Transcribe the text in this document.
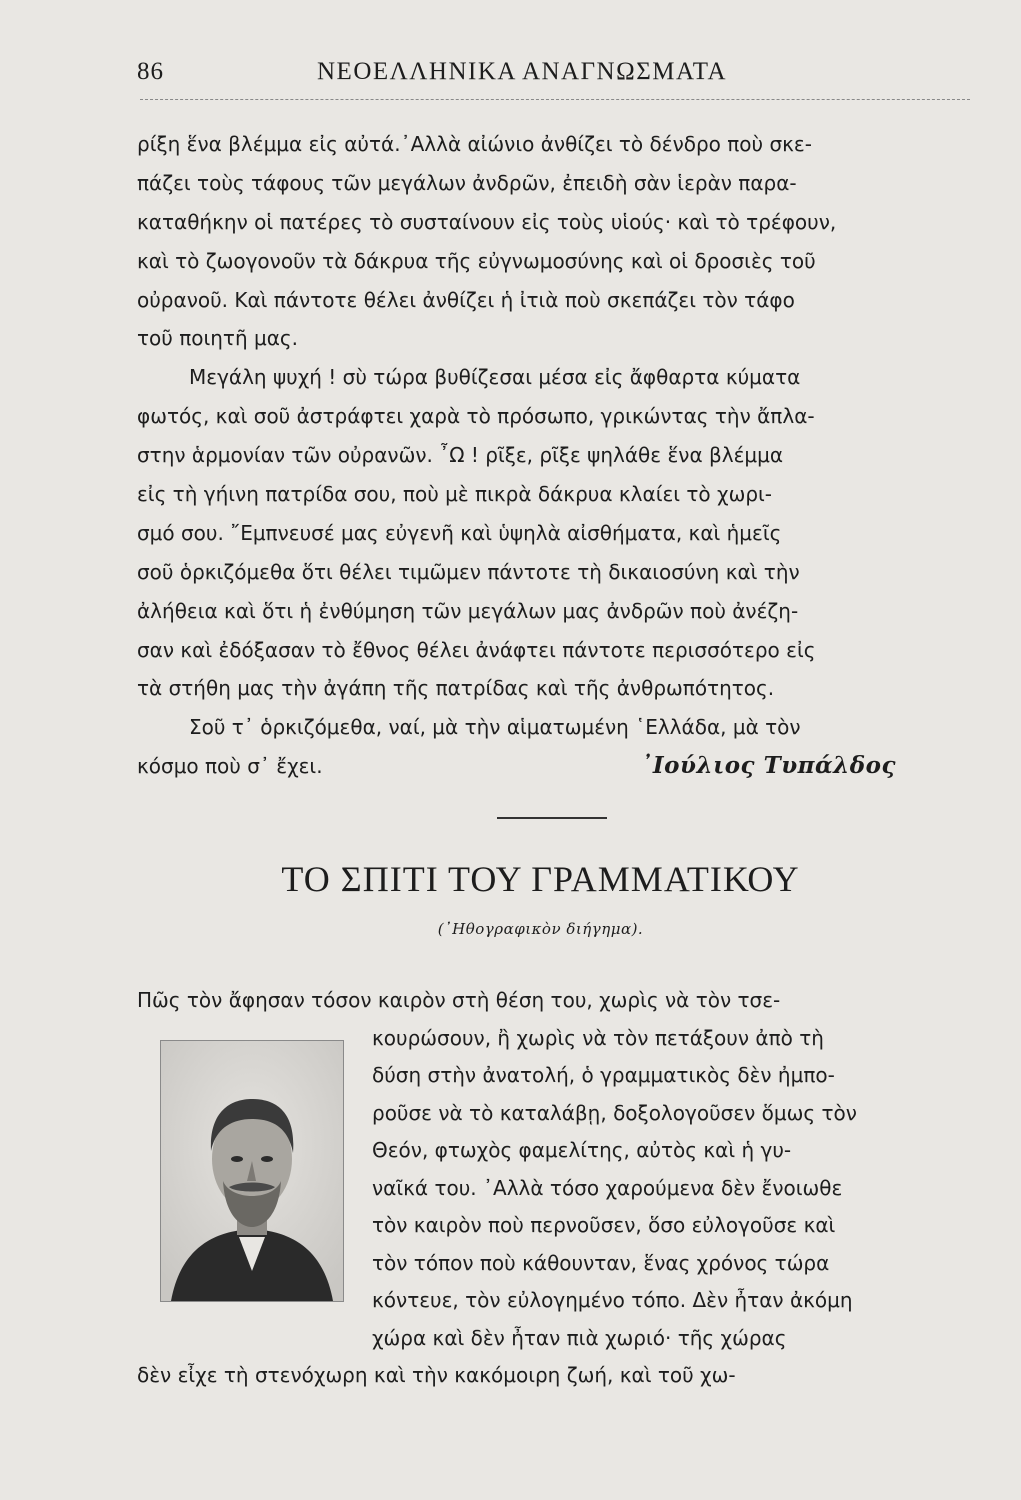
86	ΝΕΟΕΛΛΗΝΙΚΑ ΑΝΑΓΝΩΣΜΑΤΑ
ρίξη ἕνα βλέμμα εἰς αὐτά.᾿Αλλὰ αἰώνιο ἀνθίζει τὸ δένδρο ποὺ σκε-
πάζει τοὺς τάφους τῶν μεγάλων ἀνδρῶν, ἐπειδὴ σὰν ἱερὰν παρα-
καταθήκην οἱ πατέρες τὸ συσταίνουν εἰς τοὺς υἱούς· καὶ τὸ τρέφουν,
καὶ τὸ ζωογονοῦν τὰ δάκρυα τῆς εὐγνωμοσύνης καὶ οἱ δροσιὲς τοῦ
οὐρανοῦ. Καὶ πάντοτε θέλει ἀνθίζει ἡ ἰτιὰ ποὺ σκεπάζει τὸν τάφο
τοῦ ποιητῆ μας.
Μεγάλη ψυχή ! σὺ τώρα βυθίζεσαι μέσα εἰς ἄφθαρτα κύματα
φωτός, καὶ σοῦ ἀστράφτει χαρὰ τὸ πρόσωπο, γρικώντας τὴν ἄπλα-
στην ἁρμονίαν τῶν οὐρανῶν. ῏Ω ! ρῖξε, ρῖξε ψηλάθε ἕνα βλέμμα
εἰς τὴ γήινη πατρίδα σου, ποὺ μὲ πικρὰ δάκρυα κλαίει τὸ χωρι-
σμό σου. ῎Εμπνευσέ μας εὐγενῆ καὶ ὑψηλὰ αἰσθήματα, καὶ ἡμεῖς
σοῦ ὁρκιζόμεθα ὅτι θέλει τιμῶμεν πάντοτε τὴ δικαιοσύνη καὶ τὴν
ἀλήθεια καὶ ὅτι ἡ ἐνθύμηση τῶν μεγάλων μας ἀνδρῶν ποὺ ἀνέζη-
σαν καὶ ἐδόξασαν τὸ ἔθνος θέλει ἀνάφτει πάντοτε περισσότερο εἰς
τὰ στήθη μας τὴν ἀγάπη τῆς πατρίδας καὶ τῆς ἀνθρωπότητος.
Σοῦ τ᾿ ὁρκιζόμεθα, ναί, μὰ τὴν αἱματωμένη ῾Ελλάδα, μὰ τὸν
κόσμο ποὺ σ᾿ ἔχει.	᾿Ιούλιος Τυπάλδος
ΤΟ ΣΠΙΤΙ ΤΟΥ ΓΡΑΜΜΑΤΙΚΟΥ
(᾿Ηθογραφικὸν διήγημα).
Πῶς τὸν ἄφησαν τόσον καιρὸν στὴ θέση του, χωρὶς νὰ τὸν τσε-
κουρώσουν, ἢ χωρὶς νὰ τὸν πετάξουν ἀπὸ τὴ
δύση στὴν ἀνατολή, ὁ γραμματικὸς δὲν ἠμπο-
ροῦσε νὰ τὸ καταλάβῃ, δοξολογοῦσεν ὅμως τὸν
Θεόν, φτωχὸς φαμελίτης, αὐτὸς καὶ ἡ γυ-
ναῖκά του. ᾿Αλλὰ τόσο χαρούμενα δὲν ἔνοιωθε
τὸν καιρὸν ποὺ περνοῦσεν, ὅσο εὐλογοῦσε καὶ
τὸν τόπον ποὺ κάθουνταν, ἕνας χρόνος τώρα
κόντευε, τὸν εὐλογημένο τόπο. Δὲν ἦταν ἀκόμη
χώρα καὶ δὲν ἦταν πιὰ χωριό· τῆς χώρας
δὲν εἶχε τὴ στενόχωρη καὶ τὴν κακόμοιρη ζωή, καὶ τοῦ χω-
